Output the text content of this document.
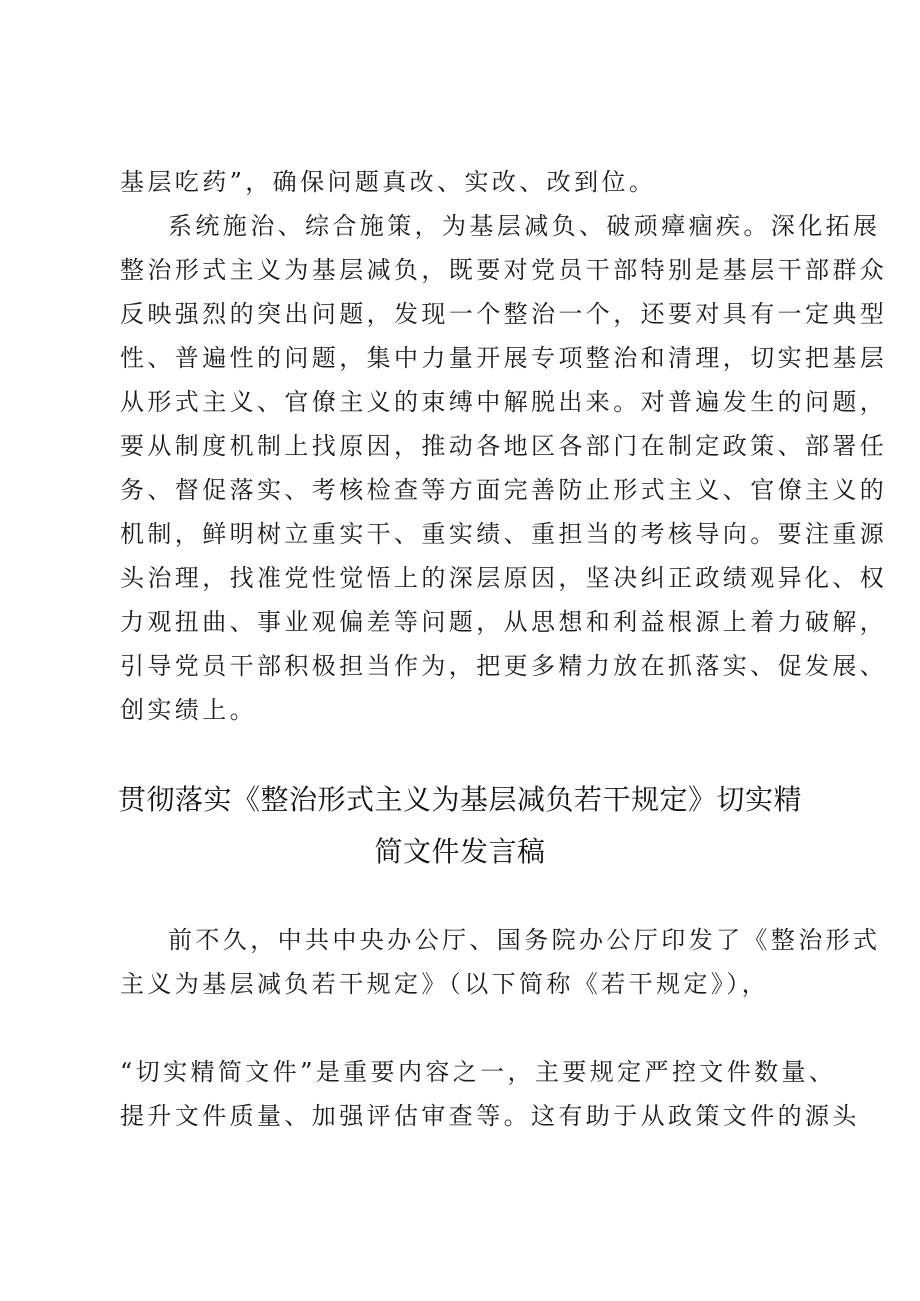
基层吃药”，确保问题真改、实改、改到位。

系统施治、综合施策，为基层减负、破顽瘴痼疾。深化拓展

整治形式主义为基层减负，既要对党员干部特别是基层干部群众

反映强烈的突出问题，发现一个整治一个，还要对具有一定典型

性、普遍性的问题，集中力量开展专项整治和清理，切实把基层

从形式主义、官僚主义的束缚中解脱出来。对普遍发生的问题，

要从制度机制上找原因，推动各地区各部门在制定政策、部署任

务、督促落实、考核检查等方面完善防止形式主义、官僚主义的

机制，鲜明树立重实干、重实绩、重担当的考核导向。要注重源

头治理，找准党性觉悟上的深层原因，坚决纠正政绩观异化、权

力观扭曲、事业观偏差等问题，从思想和利益根源上着力破解，

引导党员干部积极担当作为，把更多精力放在抓落实、促发展、

创实绩上。

贯彻落实《整治形式主义为基层减负若干规定》切实精
简文件发言稿

前不久，中共中央办公厅、国务院办公厅印发了《整治形式

主义为基层减负若干规定》（以下简称《若干规定》），

“切实精简文件”是重要内容之一，主要规定严控文件数量、

提升文件质量、加强评估审查等。这有助于从政策文件的源头
